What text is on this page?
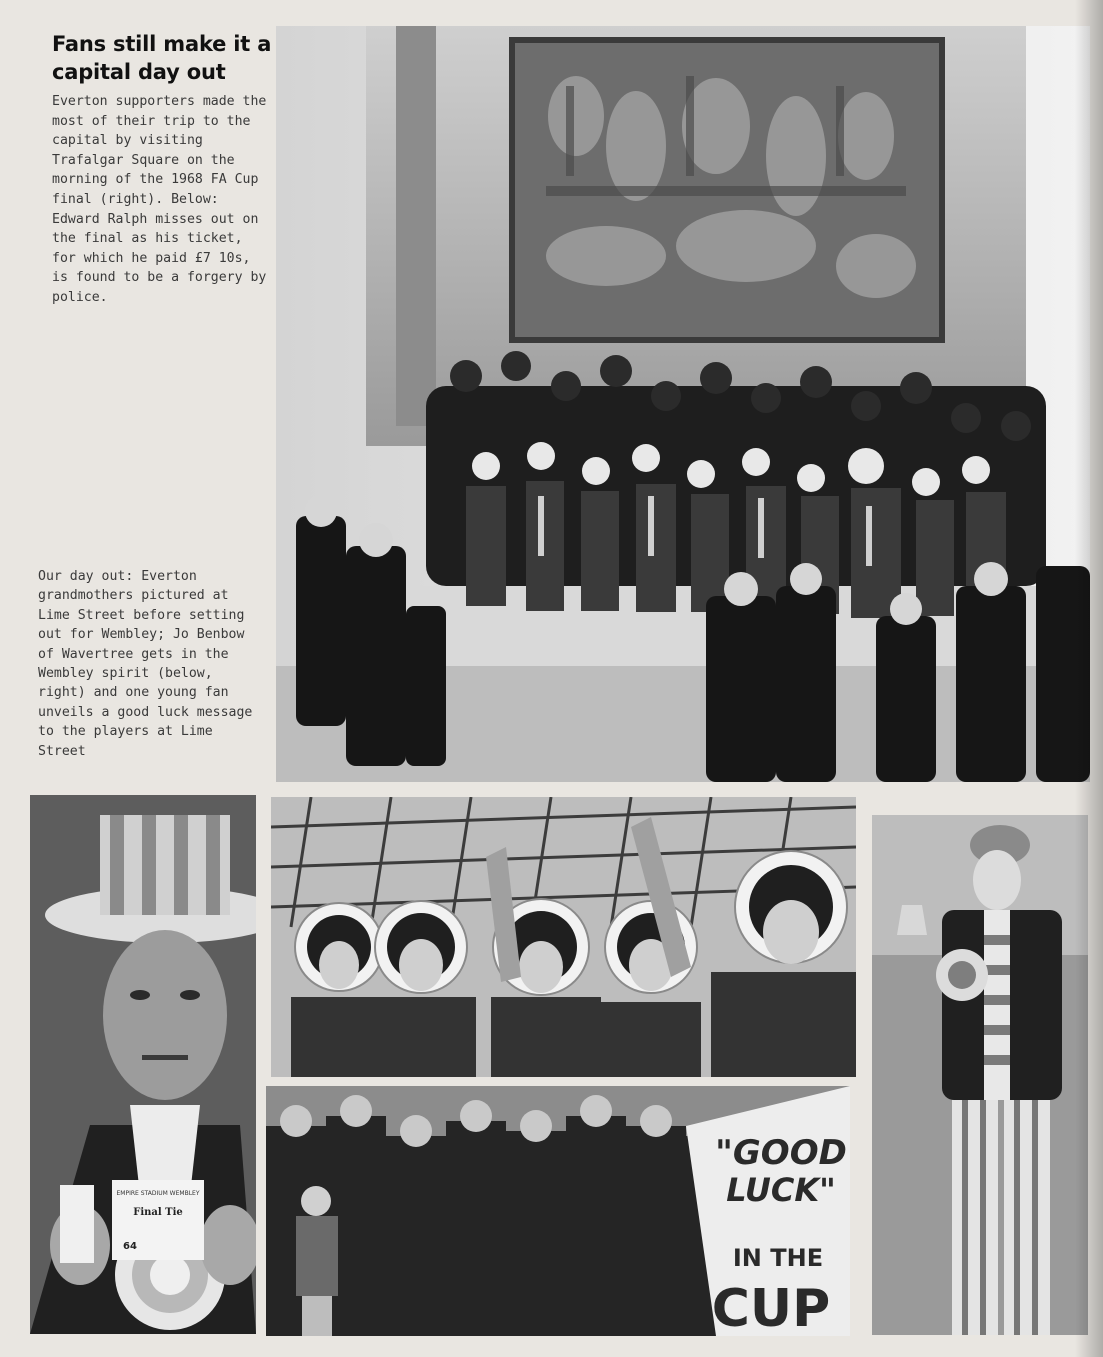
Fans still make it a capital day out
Everton supporters made the most of their trip to the capital by visiting Trafalgar Square on the morning of the 1968 FA Cup final (right). Below: Edward Ralph misses out on the final as his ticket, for which he paid £7 10s, is found to be a forgery by police.
Our day out: Everton grandmothers pictured at Lime Street before setting out for Wembley; Jo Benbow of Wavertree gets in the Wembley spirit (below, right) and one young fan unveils a good luck message to the players at Lime Street
EMPIRE STADIUM WEMBLEY
Final Tie
64
"GOOD
LUCK"
IN THE
CUP
